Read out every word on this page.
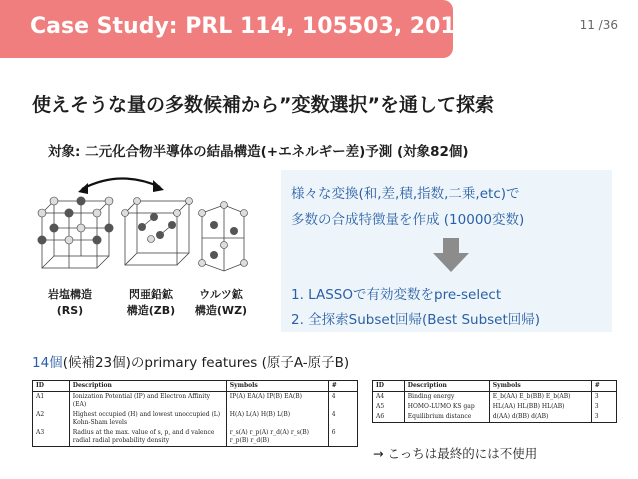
Case Study: PRL 114, 105503, 2015	11 /36
使えそうな量の多数候補から”変数選択”を通して探索
対象: 二元化合物半導体の結晶構造(+エネルギー差)予測 (対象82個)
岩塩構造
(RS)
閃亜鉛鉱
構造(ZB)
ウルツ鉱
構造(WZ)
様々な変換(和,差,積,指数,二乗,etc)で
多数の合成特徴量を作成 (10000変数)
1. LASSOで有効変数をpre-select
2. 全探索Subset回帰(Best Subset回帰)
14個(候補23個)のprimary features (原子A-原子B)
ID	Description	Symbols	#
A1	Ionization Potential (IP) and Electron Affinity (EA)	IP(A) EA(A) IP(B) EA(B)	4
A2	Highest occupied (H) and lowest unoccupied (L) Kohn-Sham levels	H(A) L(A) H(B) L(B)	4
A3	Radius at the max. value of s, p, and d valence radial radial probability density	r_s(A) r_p(A) r_d(A) r_s(B) r_p(B) r_d(B)	6
ID	Description	Symbols	#
A4	Binding energy	E_b(AA) E_b(BB) E_b(AB)	3
A5	HOMO-LUMO KS gap	HL(AA) HL(BB) HL(AB)	3
A6	Equilibrium distance	d(AA) d(BB) d(AB)	3
→ こっちは最終的には不使用
